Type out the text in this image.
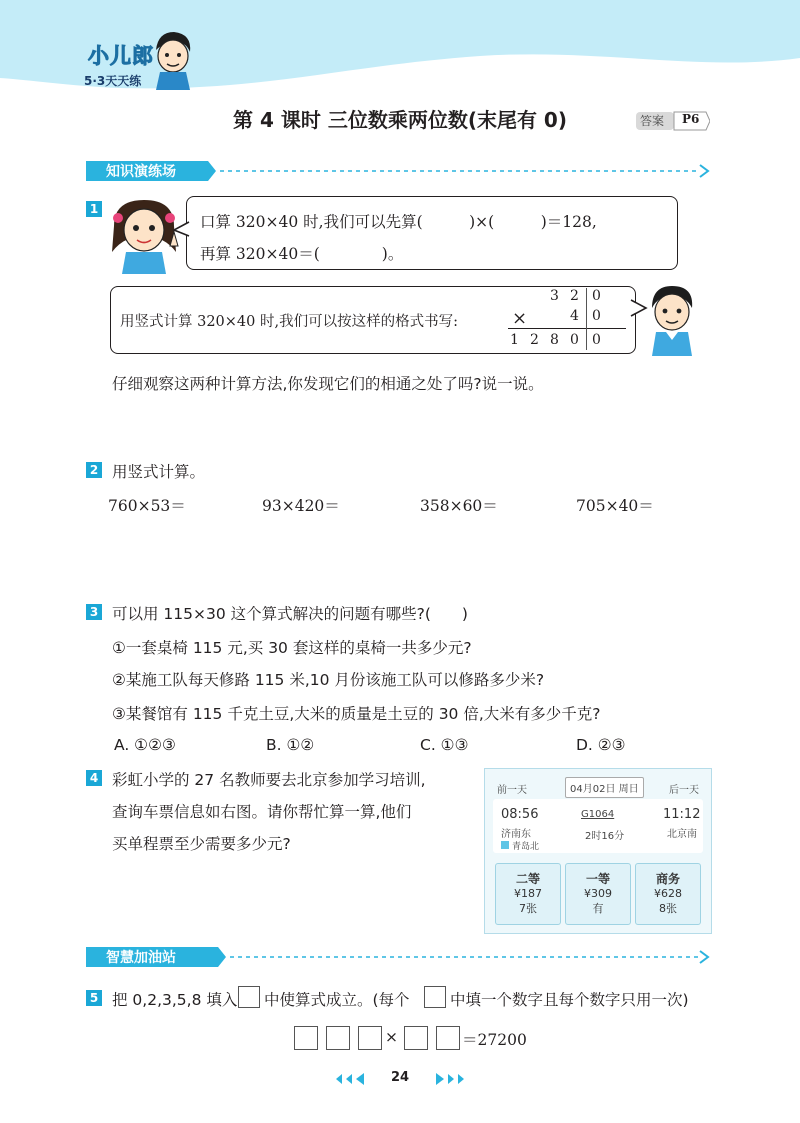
小儿郎
5·3天天练
第 4 课时 三位数乘两位数(末尾有 0)	答案 P6
知识演练场
1
口算 320×40 时,我们可以先算(　　　)×(　　　)＝128,
再算 320×40＝(　　　　)。
用竖式计算 320×40 时,我们可以按这样的格式书写:
3 2 0
×	4 0
1 2 8 0 0
仔细观察这两种计算方法,你发现它们的相通之处了吗?说一说。
2 用竖式计算。
760×53＝	93×420＝	358×60＝	705×40＝
3 可以用 115×30 这个算式解决的问题有哪些?(　　)
①一套桌椅 115 元,买 30 套这样的桌椅一共多少元?
②某施工队每天修路 115 米,10 月份该施工队可以修路多少米?
③某餐馆有 115 千克土豆,大米的质量是土豆的 30 倍,大米有多少千克?
A. ①②③	B. ①②	C. ①③	D. ②③
4 彩虹小学的 27 名教师要去北京参加学习培训,
查询车票信息如右图。请你帮忙算一算,他们
买单程票至少需要多少元?
前一天	04月02日 周日	后一天
08:56	G1064	11:12
济南东	2时16分	北京南
青岛北
二等
¥187
7张
一等
¥309
有
商务
¥628
8张
智慧加油站
5 把 0,2,3,5,8 填入 中使算式成立。(每个	中填一个数字且每个数字只用一次)
×	＝27200
24
